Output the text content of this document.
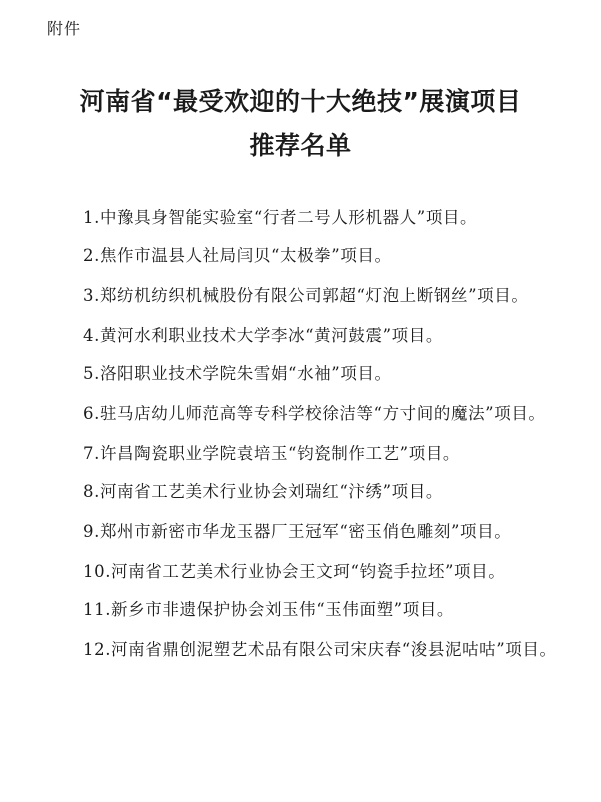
附件
河南省“最受欢迎的十大绝技”展演项目
推荐名单

1.中豫具身智能实验室“行者二号人形机器人”项目。

2.焦作市温县人社局闫贝“太极拳”项目。

3.郑纺机纺织机械股份有限公司郭超“灯泡上断钢丝”项目。

4.黄河水利职业技术大学李冰“黄河鼓震”项目。

5.洛阳职业技术学院朱雪娟“水袖”项目。

6.驻马店幼儿师范高等专科学校徐洁等“方寸间的魔法”项目。

7.许昌陶瓷职业学院袁培玉“钧瓷制作工艺”项目。

8.河南省工艺美术行业协会刘瑞红“汴绣”项目。

9.郑州市新密市华龙玉器厂王冠军“密玉俏色雕刻”项目。

10.河南省工艺美术行业协会王文珂“钧瓷手拉坯”项目。

11.新乡市非遗保护协会刘玉伟“玉伟面塑”项目。

12.河南省鼎创泥塑艺术品有限公司宋庆春“浚县泥咕咕”项目。
